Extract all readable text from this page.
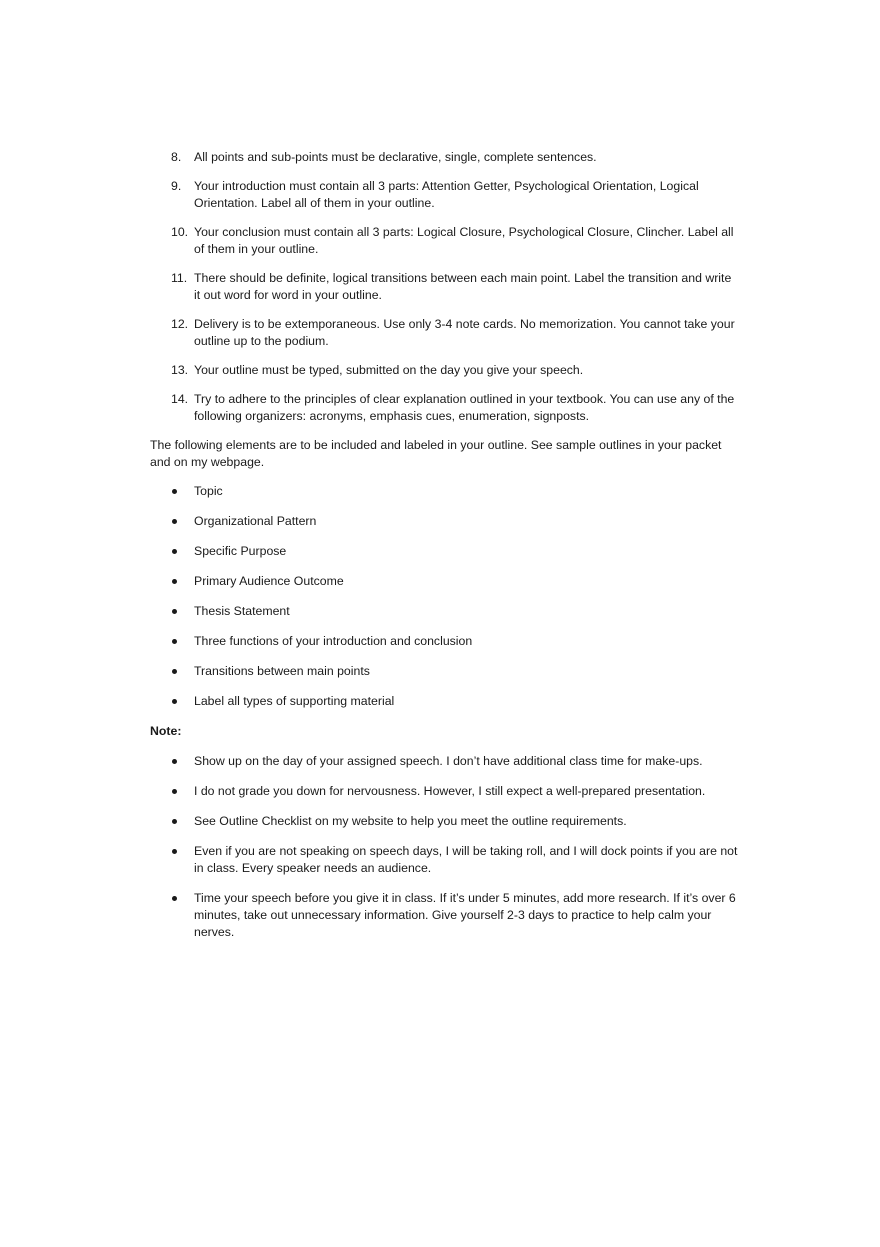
8.	All points and sub-points must be declarative, single, complete sentences.
9.	Your introduction must contain all 3 parts: Attention Getter, Psychological Orientation, Logical Orientation. Label all of them in your outline.
10. Your conclusion must contain all 3 parts: Logical Closure, Psychological Closure, Clincher. Label all of them in your outline.
11. There should be definite, logical transitions between each main point. Label the transition and write it out word for word in your outline.
12. Delivery is to be extemporaneous. Use only 3-4 note cards. No memorization. You cannot take your outline up to the podium.
13. Your outline must be typed, submitted on the day you give your speech.
14. Try to adhere to the principles of clear explanation outlined in your textbook. You can use any of the following organizers: acronyms, emphasis cues, enumeration, signposts.

The following elements are to be included and labeled in your outline. See sample outlines in your packet and on my webpage.

Topic
Organizational Pattern
Specific Purpose
Primary Audience Outcome
Thesis Statement
Three functions of your introduction and conclusion
Transitions between main points
Label all types of supporting material

Note:

Show up on the day of your assigned speech. I don’t have additional class time for make-ups.
I do not grade you down for nervousness. However, I still expect a well-prepared presentation.
See Outline Checklist on my website to help you meet the outline requirements.
Even if you are not speaking on speech days, I will be taking roll, and I will dock points if you are not in class. Every speaker needs an audience.
Time your speech before you give it in class. If it’s under 5 minutes, add more research. If it’s over 6 minutes, take out unnecessary information. Give yourself 2-3 days to practice to help calm your nerves.
